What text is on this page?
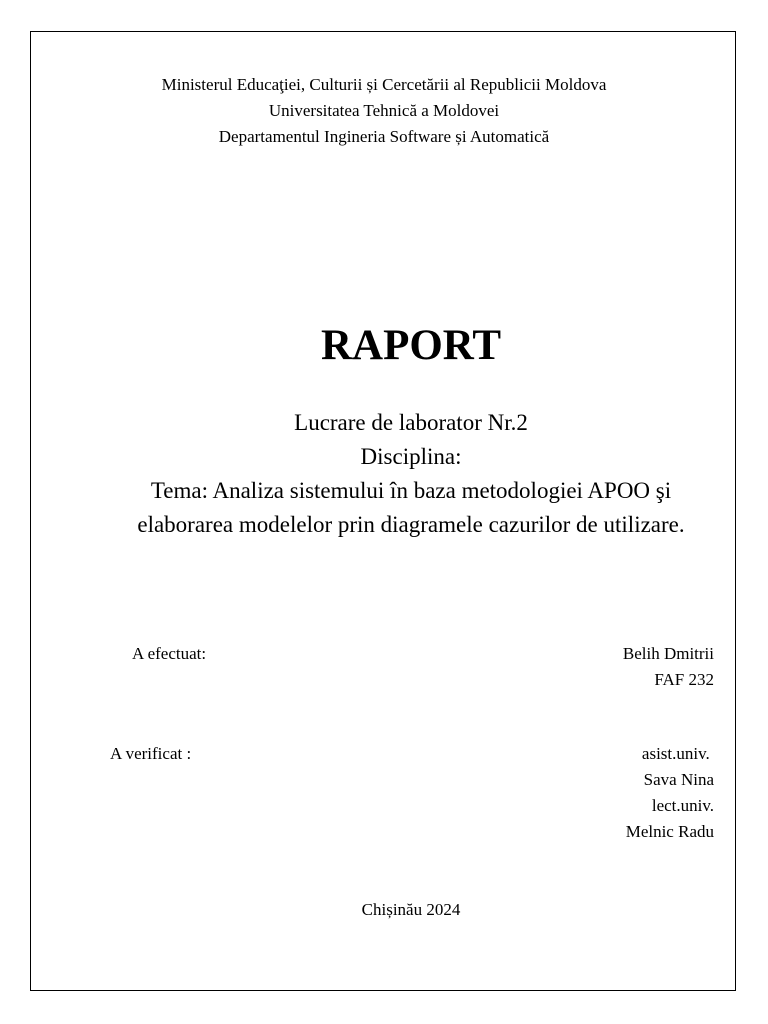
Ministerul Educaţiei, Culturii și Cercetării al Republicii Moldova
Universitatea Tehnică a Moldovei
Departamentul Ingineria Software și Automatică
RAPORT
Lucrare de laborator Nr.2
Disciplina:
Tema: Analiza sistemului în baza metodologiei APOO şi
elaborarea modelelor prin diagramele cazurilor de utilizare.
A efectuat:	Belih Dmitrii
FAF 232
A verificat :	asist.univ.
Sava Nina
lect.univ.
Melnic Radu
Chișinău 2024
